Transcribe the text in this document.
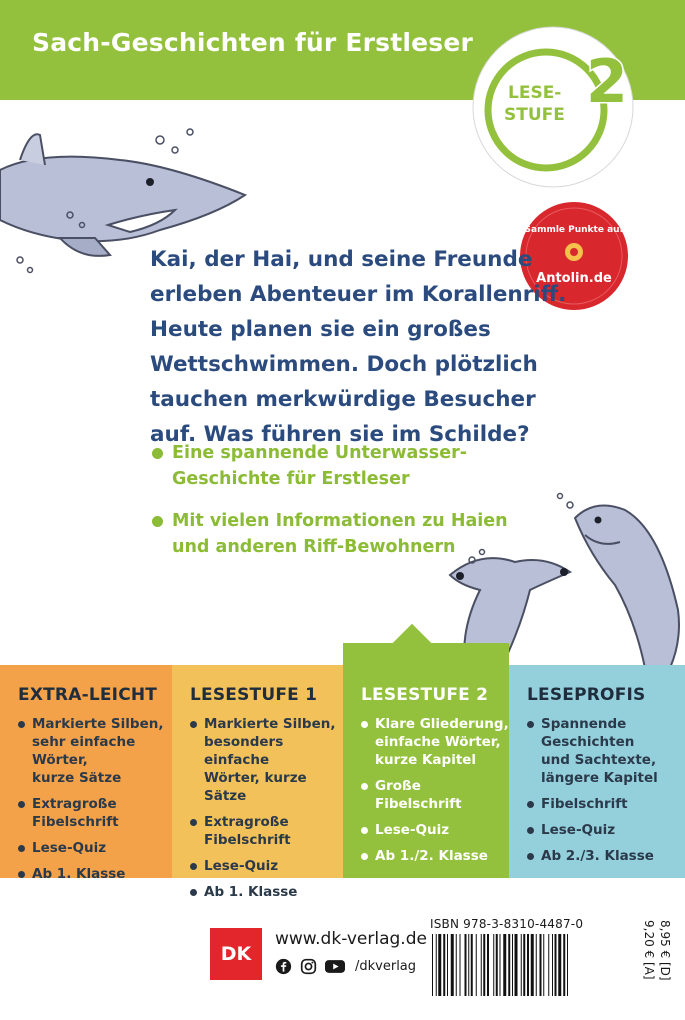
Sach-Geschichten für Erstleser
2
LESE-
STUFE
Sammle Punkte auf
Antolin.de
Kai, der Hai, und seine Freunde
erleben Abenteuer im Korallenriff.
Heute planen sie ein großes
Wettschwimmen. Doch plötzlich
tauchen merkwürdige Besucher
auf. Was führen sie im Schilde?
Eine spannende Unterwasser-
Geschichte für Erstleser
Mit vielen Informationen zu Haien
und anderen Riff-Bewohnern
EXTRA-LEICHT
Markierte Silben,
sehr einfache Wörter,
kurze Sätze
Extragroße
Fibelschrift
Lese-Quiz
Ab 1. Klasse
LESESTUFE 1
Markierte Silben,
besonders einfache
Wörter, kurze Sätze
Extragroße
Fibelschrift
Lese-Quiz
Ab 1. Klasse
LESESTUFE 2
Klare Gliederung,
einfache Wörter,
kurze Kapitel
Große Fibelschrift
Lese-Quiz
Ab 1./2. Klasse
LESEPROFIS
Spannende
Geschichten
und Sachtexte,
längere Kapitel
Fibelschrift
Lese-Quiz
Ab 2./3. Klasse
DK
www.dk-verlag.de
/dkverlag
ISBN 978-3-8310-4487-0	8,95 € [D]
9,20 € [A]
